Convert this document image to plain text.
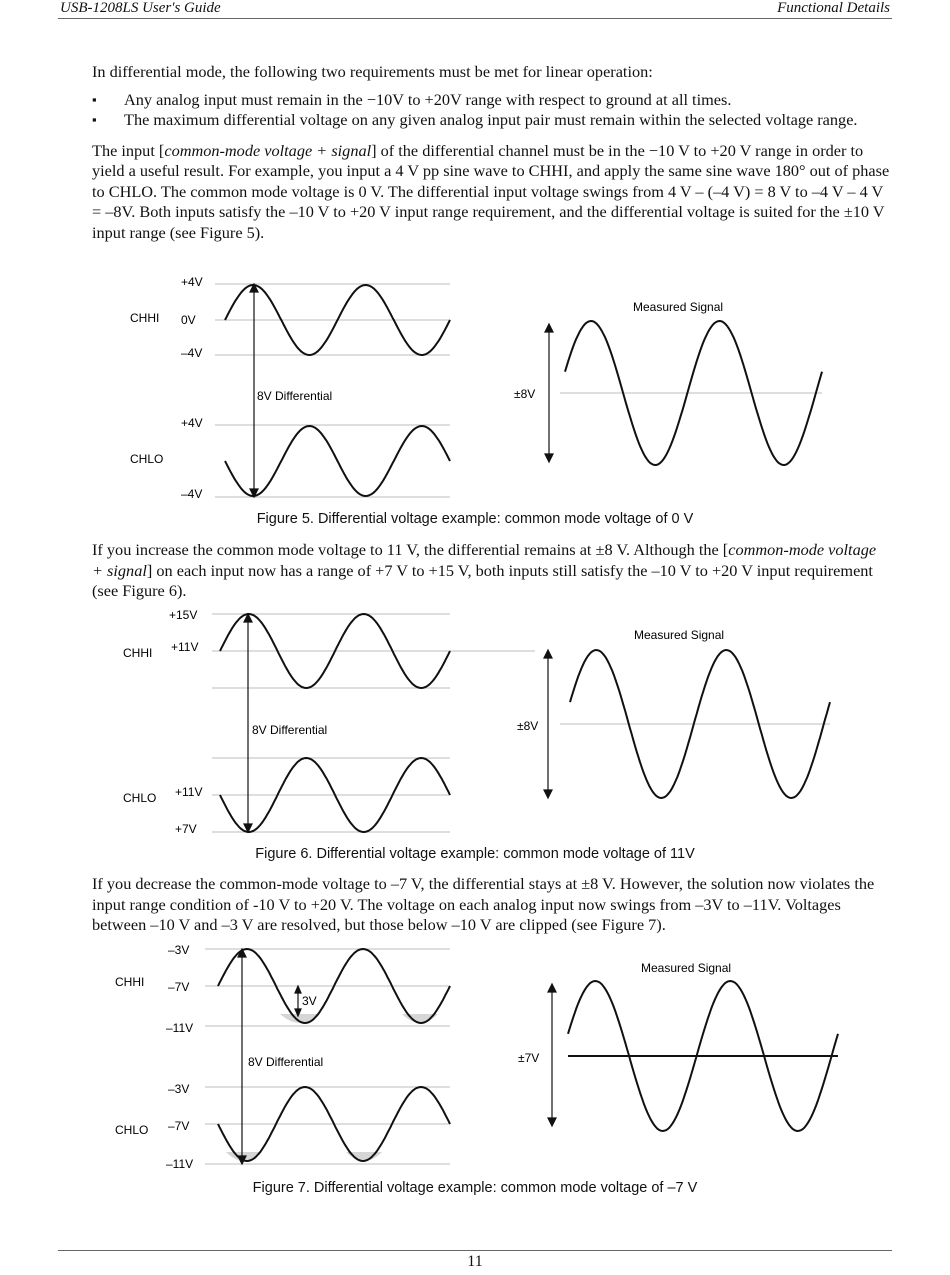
USB-1208LS User's Guide	Functional Details

In differential mode, the following two requirements must be met for linear operation:

▪ Any analog input must remain in the −10V to +20V range with respect to ground at all times.
▪ The maximum differential voltage on any given analog input pair must remain within the selected voltage range.

The input [common-mode voltage + signal] of the differential channel must be in the −10 V to +20 V range in order to yield a useful result. For example, you input a 4 V pp sine wave to CHHI, and apply the same sine wave 180° out of phase to CHLO. The common mode voltage is 0 V. The differential input voltage swings from 4 V – (–4 V) = 8 V to –4 V – 4 V = –8V. Both inputs satisfy the –10 V to +20 V input range requirement, and the differential voltage is suited for the ±10 V input range (see Figure 5).

+4V
0V
–4V
CHHI
+4V
–4V
CHLO
8V Differential	±8V
Measured Signal
Figure 5. Differential voltage example: common mode voltage of 0 V

If you increase the common mode voltage to 11 V, the differential remains at ±8 V. Although the [common-mode voltage + signal] on each input now has a range of +7 V to +15 V, both inputs still satisfy the –10 V to +20 V input requirement (see Figure 6).

+15V
+11V
CHHI
+11V
+7V
CHLO
8V Differential	±8V
Measured Signal
Figure 6. Differential voltage example: common mode voltage of 11V
If you decrease the common-mode voltage to –7 V, the differential stays at ±8 V. However, the solution now violates the input range condition of -10 V to +20 V. The voltage on each analog input now swings from –3V to –11V. Voltages between –10 V and –3 V are resolved, but those below –10 V are clipped (see Figure 7).
–3V
–7V
–11V
CHHI
–3V
–7V
–11V
CHLO
3V
8V Differential	±7V
Measured Signal
Figure 7. Differential voltage example: common mode voltage of –7 V
11
